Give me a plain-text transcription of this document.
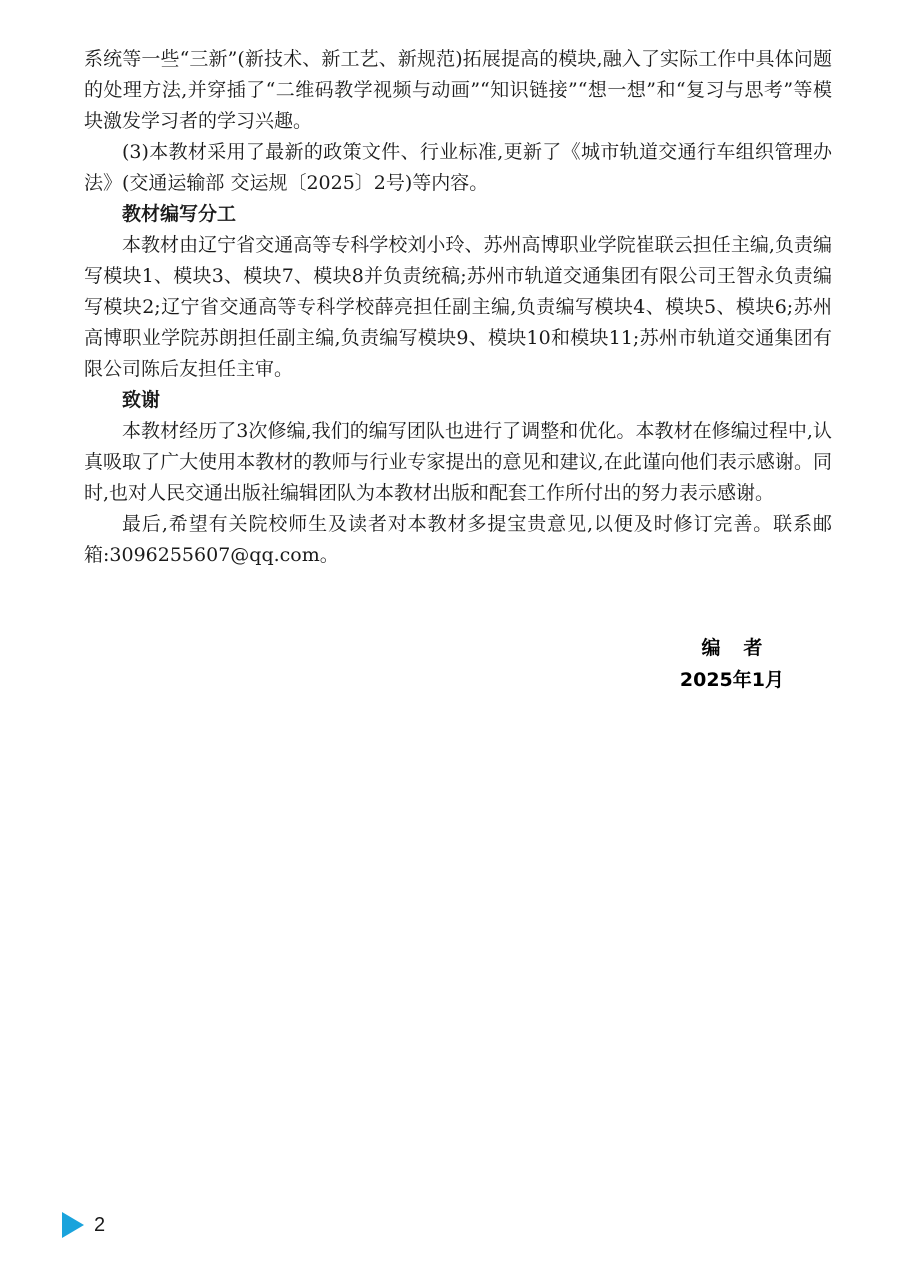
系统等一些“三新”(新技术、新工艺、新规范)拓展提高的模块,融入了实际工作中具体问题的处理方法,并穿插了“二维码教学视频与动画”“知识链接”“想一想”和“复习与思考”等模块激发学习者的学习兴趣。

(3)本教材采用了最新的政策文件、行业标准,更新了《城市轨道交通行车组织管理办法》(交通运输部 交运规〔2025〕2号)等内容。

教材编写分工

本教材由辽宁省交通高等专科学校刘小玲、苏州高博职业学院崔联云担任主编,负责编写模块1、模块3、模块7、模块8并负责统稿;苏州市轨道交通集团有限公司王智永负责编写模块2;辽宁省交通高等专科学校薛亮担任副主编,负责编写模块4、模块5、模块6;苏州高博职业学院苏朗担任副主编,负责编写模块9、模块10和模块11;苏州市轨道交通集团有限公司陈后友担任主审。

致谢

本教材经历了3次修编,我们的编写团队也进行了调整和优化。本教材在修编过程中,认真吸取了广大使用本教材的教师与行业专家提出的意见和建议,在此谨向他们表示感谢。同时,也对人民交通出版社编辑团队为本教材出版和配套工作所付出的努力表示感谢。

最后,希望有关院校师生及读者对本教材多提宝贵意见,以便及时修订完善。联系邮箱:3096255607@qq.com。

编者
2025年1月
2
